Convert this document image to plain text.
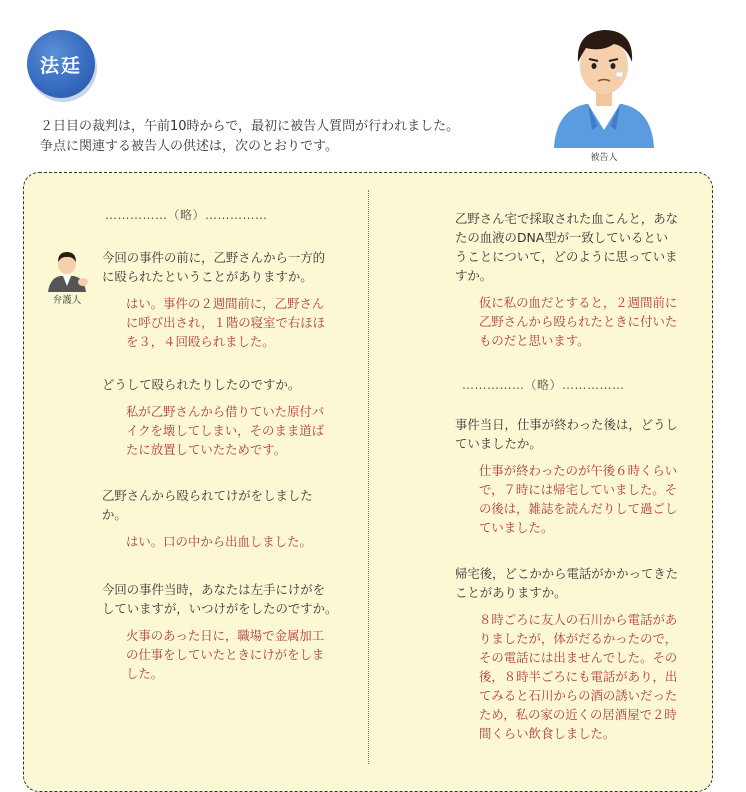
法廷
２日目の裁判は，午前10時からで，最初に被告人質問が行われました。
争点に関連する被告人の供述は，次のとおりです。
被告人
……………（略）……………
弁護人
今回の事件の前に，乙野さんから一方的
に殴られたということがありますか。
はい。事件の２週間前に，乙野さん
に呼び出され，１階の寝室で右ほほ
を３，４回殴られました。
どうして殴られたりしたのですか。
私が乙野さんから借りていた原付バ
イクを壊してしまい，そのまま道ば
たに放置していたためです。
乙野さんから殴られてけがをしました
か。
はい。口の中から出血しました。
今回の事件当時，あなたは左手にけがを
していますが，いつけがをしたのですか。
火事のあった日に，職場で金属加工
の仕事をしていたときにけがをしま
した。
乙野さん宅で採取された血こんと，あな
たの血液のDNA型が一致しているとい
うことについて，どのように思っていま
すか。
仮に私の血だとすると，２週間前に
乙野さんから殴られたときに付いた
ものだと思います。
……………（略）……………
事件当日，仕事が終わった後は，どうし
ていましたか。
仕事が終わったのが午後６時くらい
で，７時には帰宅していました。そ
の後は，雑誌を読んだりして過ごし
ていました。
帰宅後，どこかから電話がかかってきた
ことがありますか。
８時ごろに友人の石川から電話があ
りましたが，体がだるかったので，
その電話には出ませんでした。その
後，８時半ごろにも電話があり，出
てみると石川からの酒の誘いだった
ため，私の家の近くの居酒屋で２時
間くらい飲食しました。
